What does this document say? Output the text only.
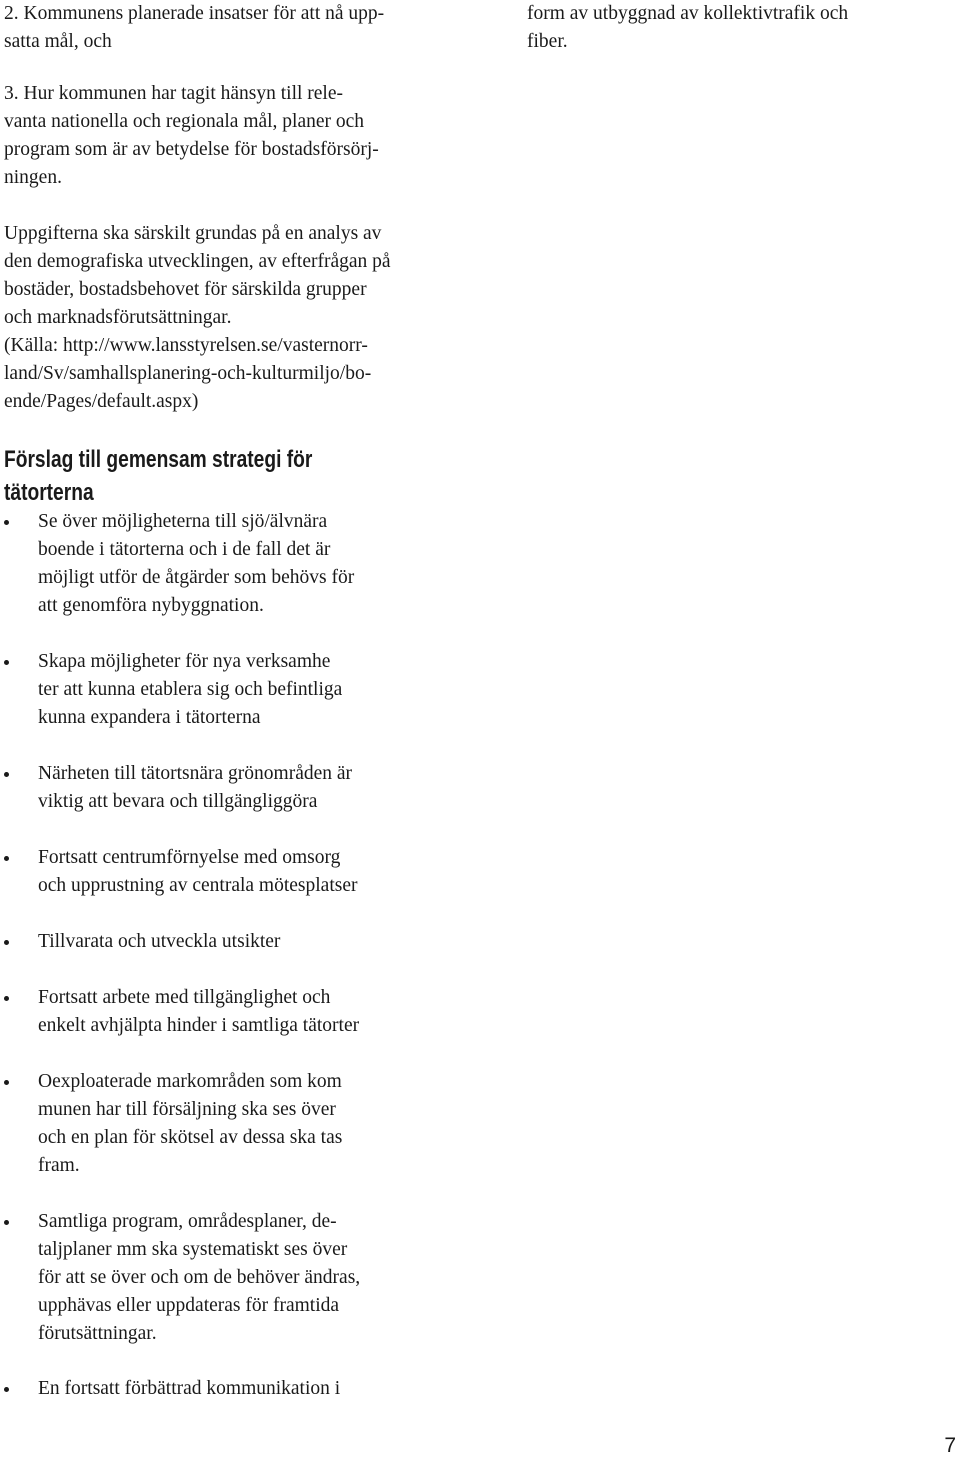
2. Kommunens planerade insatser för att nå upp-
satta mål, och

3. Hur kommunen har tagit hänsyn till rele-
vanta nationella och regionala mål, planer och
program som är av betydelse för bostadsförsörj-
ningen.

Uppgifterna ska särskilt grundas på en analys av
den demografiska utvecklingen, av efterfrågan på
bostäder, bostadsbehovet för särskilda grupper
och marknadsförutsättningar.
(Källa: http://www.lansstyrelsen.se/vasternorr-
land/Sv/samhallsplanering-och-kulturmiljo/bo-
ende/Pages/default.aspx)

Förslag till gemensam strategi för
tätorterna
Se över möjligheterna till sjö/älvnära
boende i tätorterna och i de fall det är
möjligt utför de åtgärder som behövs för
att genomföra nybyggnation.
Skapa möjligheter för nya verksamhe
ter att kunna etablera sig och befintliga
kunna expandera i tätorterna
Närheten till tätortsnära grönområden är
viktig att bevara och tillgängliggöra
Fortsatt centrumförnyelse med omsorg
och upprustning av centrala mötesplatser
Tillvarata och utveckla utsikter
Fortsatt arbete med tillgänglighet och
enkelt avhjälpta hinder i samtliga tätorter
Oexploaterade markområden som kom
munen har till försäljning ska ses över
och en plan för skötsel av dessa ska tas
fram.
Samtliga program, områdesplaner, de-
taljplaner mm ska systematiskt ses över
för att se över och om de behöver ändras,
upphävas eller uppdateras för framtida
förutsättningar.
En fortsatt förbättrad kommunikation i

form av utbyggnad av kollektivtrafik och
fiber.

7
